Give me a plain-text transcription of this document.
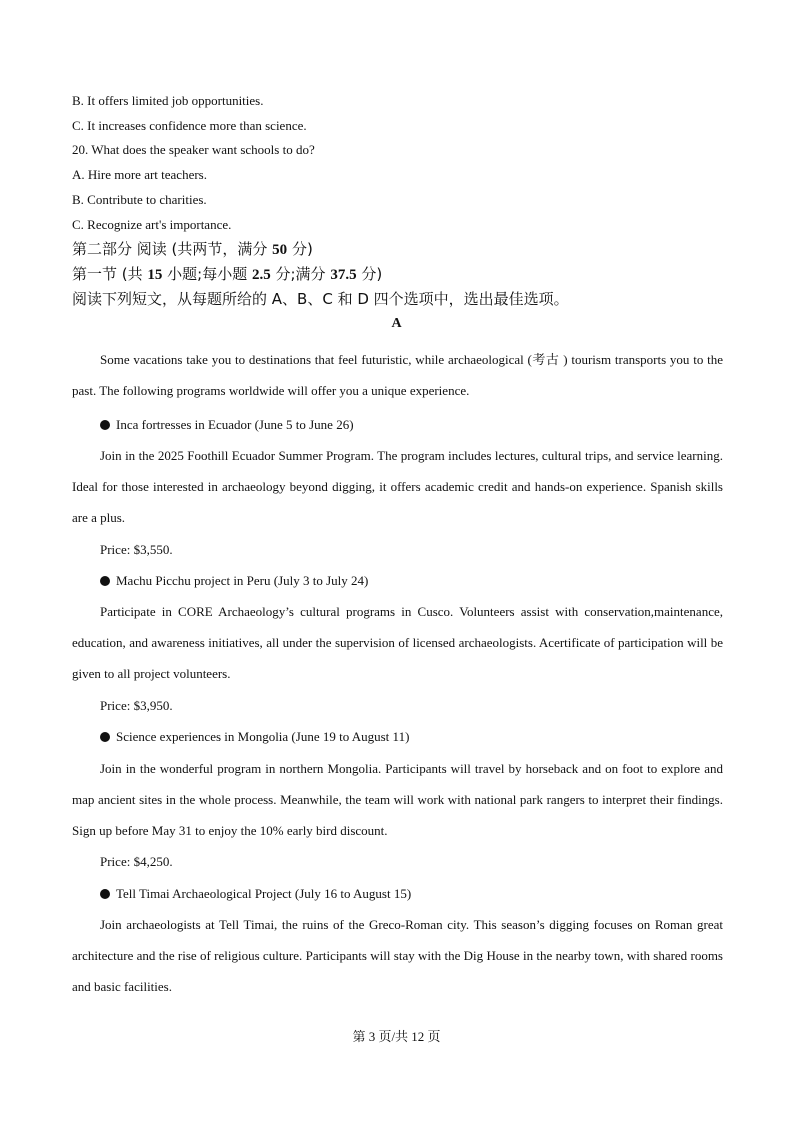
B. It offers limited job opportunities.
C. It increases confidence more than science.
20. What does the speaker want schools to do?
A. Hire more art teachers.
B. Contribute to charities.
C. Recognize art's importance.
第二部分 阅读 (共两节，满分 50 分)
第一节 (共 15 小题;每小题 2.5 分;满分 37.5 分)
阅读下列短文，从每题所给的 A、B、C 和 D 四个选项中，选出最佳选项。
A
Some vacations take you to destinations that feel futuristic, while archaeological (考古 ) tourism transports you to the past. The following programs worldwide will offer you a unique experience.
Inca fortresses in Ecuador (June 5 to June 26)
Join in the 2025 Foothill Ecuador Summer Program. The program includes lectures, cultural trips, and service learning. Ideal for those interested in archaeology beyond digging, it offers academic credit and hands-on experience. Spanish skills are a plus.
Price: $3,550.
Machu Picchu project in Peru (July 3 to July 24)
Participate in CORE Archaeology’s cultural programs in Cusco. Volunteers assist with conservation,maintenance, education, and awareness initiatives, all under the supervision of licensed archaeologists. Acertificate of participation will be given to all project volunteers.
Price: $3,950.
Science experiences in Mongolia (June 19 to August 11)
Join in the wonderful program in northern Mongolia. Participants will travel by horseback and on foot to explore and map ancient sites in the whole process. Meanwhile, the team will work with national park rangers to interpret their findings. Sign up before May 31 to enjoy the 10% early bird discount.
Price: $4,250.
Tell Timai Archaeological Project (July 16 to August 15)
Join archaeologists at Tell Timai, the ruins of the Greco-Roman city. This season’s digging focuses on Roman great architecture and the rise of religious culture. Participants will stay with the Dig House in the nearby town, with shared rooms and basic facilities.
第 3 页/共 12 页
